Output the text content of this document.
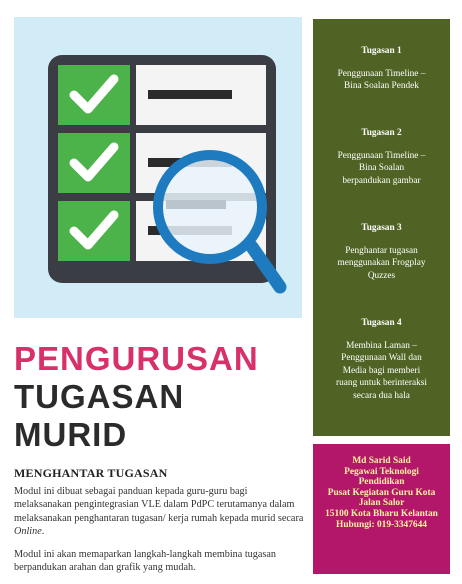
PENGURUSAN
TUGASAN
MURID
MENGHANTAR TUGASAN

Modul ini dibuat sebagai panduan kepada guru-guru bagi melaksanakan pengintegrasian VLE dalam PdPC terutamanya dalam melaksanakan penghantaran tugasan/ kerja rumah kepada murid secara Online.

Modul ini akan memaparkan langkah-langkah membina tugasan berpandukan arahan dan grafik yang mudah.

Tugasan 1
Penggunaan Timeline –
Bina Soalan Pendek
Tugasan 2
Penggunaan Timeline –
Bina Soalan
berpandukan gambar
Tugasan 3
Penghantar tugasan
menggunakan Frogplay
Quzzes
Tugasan 4
Membina Laman –
Penggunaan Wall dan
Media bagi memberi
ruang untuk berinteraksi
secara dua hala
Md Sarid Said
Pegawai Teknologi
Pendidikan
Pusat Kegiatan Guru Kota
Jalan Salor
15100 Kota Bharu Kelantan
Hubungi: 019-3347644
